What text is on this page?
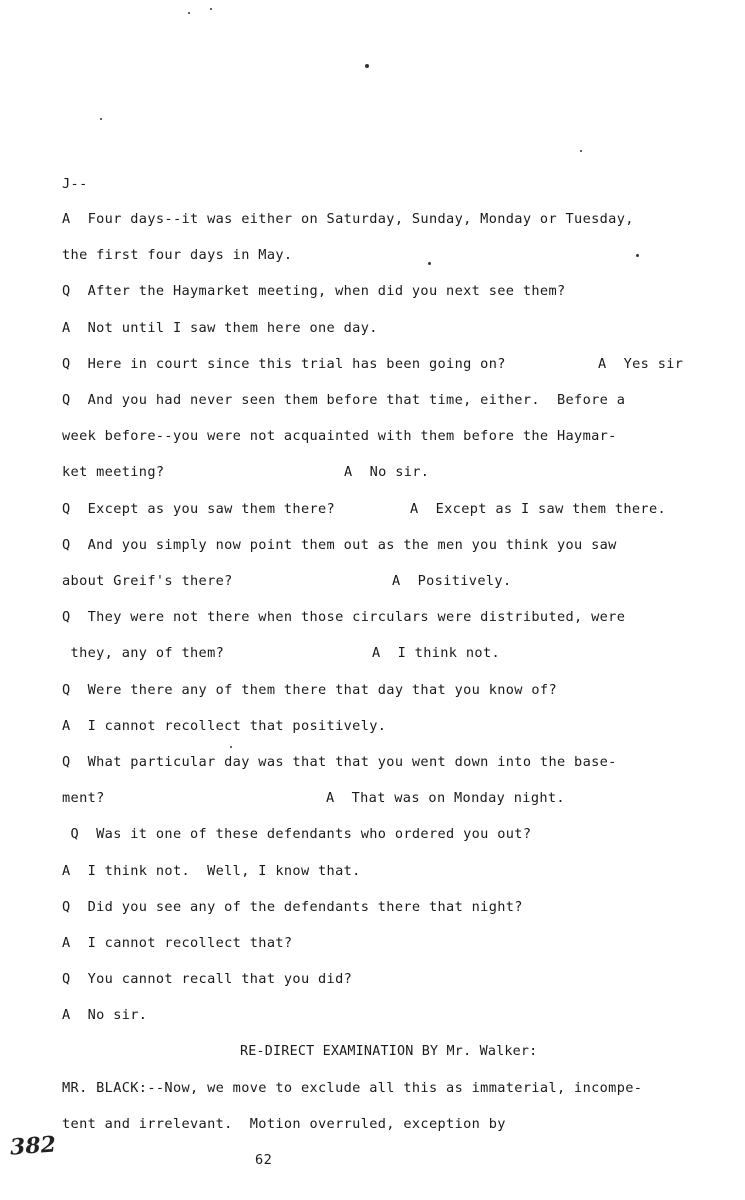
J--
A  Four days--it was either on Saturday, Sunday, Monday or Tuesday,
the first four days in May.
Q  After the Haymarket meeting, when did you next see them?
A  Not until I saw them here one day.
Q  Here in court since this trial has been going on?	A  Yes sir
Q  And you had never seen them before that time, either.  Before a
week before--you were not acquainted with them before the Haymar-
ket meeting?	A  No sir.
Q  Except as you saw them there?	A  Except as I saw them there.
Q  And you simply now point them out as the men you think you saw
about Greif's there?	A  Positively.
Q  They were not there when those circulars were distributed, were
they, any of them?	A  I think not.
Q  Were there any of them there that day that you know of?
A  I cannot recollect that positively.
Q  What particular day was that that you went down into the base-
ment?	A  That was on Monday night.
Q  Was it one of these defendants who ordered you out?
A  I think not.  Well, I know that.
Q  Did you see any of the defendants there that night?
A  I cannot recollect that?
Q  You cannot recall that you did?
A  No sir.
RE-DIRECT EXAMINATION BY Mr. Walker:
MR. BLACK:--Now, we move to exclude all this as immaterial, incompe-
tent and irrelevant.  Motion overruled, exception by
382	62
